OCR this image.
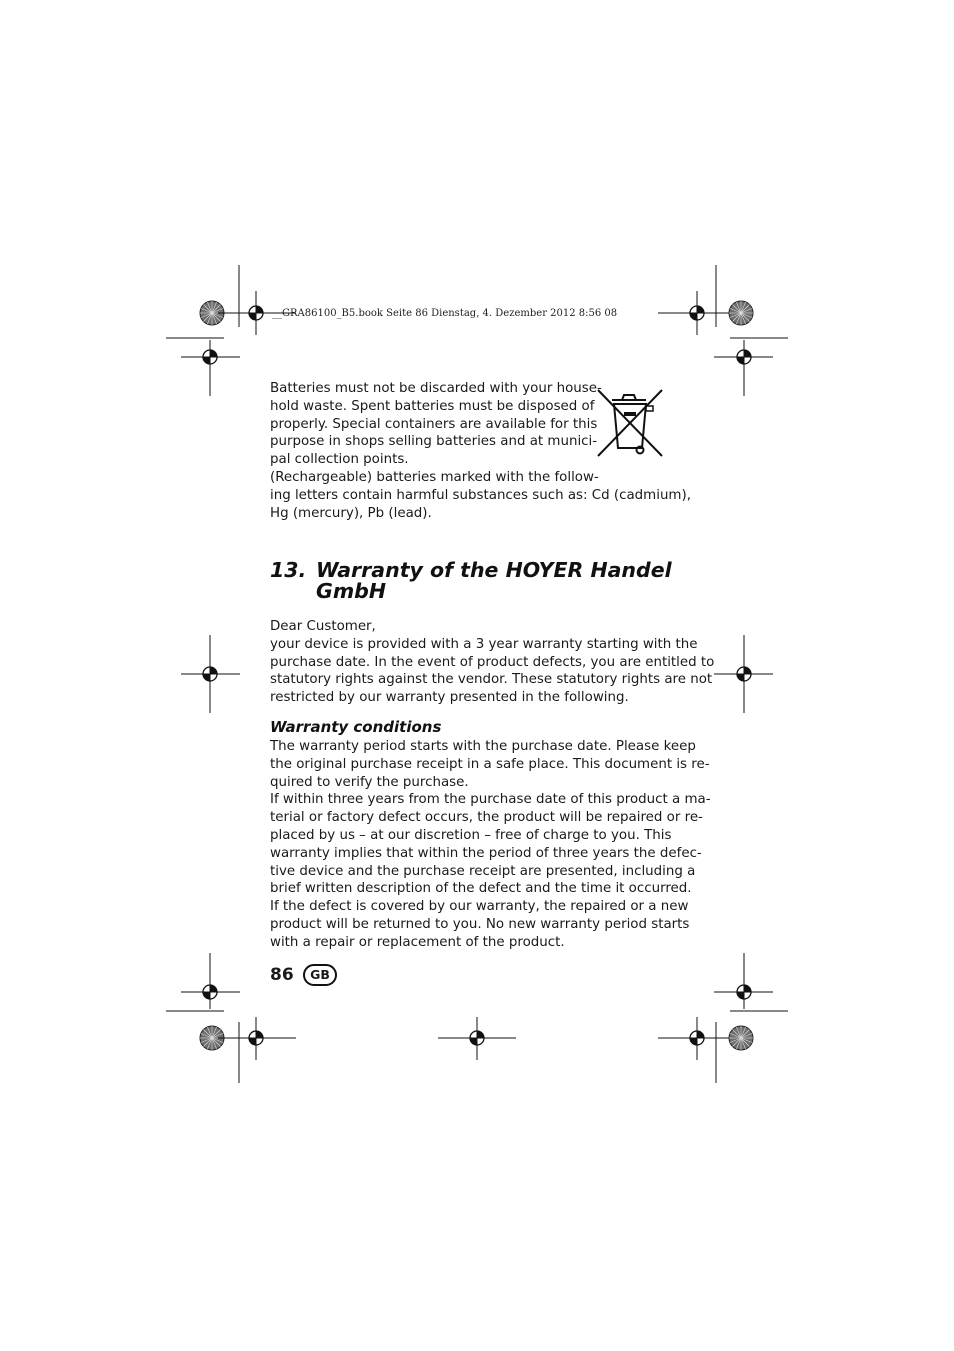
__GRA86100_B5.book Seite 86 Dienstag, 4. Dezember 2012 8:56 08

Batteries must not be discarded with your house-
hold waste. Spent batteries must be disposed of
properly. Special containers are available for this
purpose in shops selling batteries and at munici-
pal collection points.
(Rechargeable) batteries marked with the follow-
ing letters contain harmful substances such as: Cd (cadmium),
Hg (mercury), Pb (lead).

13. Warranty of the HOYER Handel
GmbH

Dear Customer,
your device is provided with a 3 year warranty starting with the
purchase date. In the event of product defects, you are entitled to
statutory rights against the vendor. These statutory rights are not
restricted by our warranty presented in the following.

Warranty conditions

The warranty period starts with the purchase date. Please keep
the original purchase receipt in a safe place. This document is re-
quired to verify the purchase.
If within three years from the purchase date of this product a ma-
terial or factory defect occurs, the product will be repaired or re-
placed by us – at our discretion – free of charge to you. This
warranty implies that within the period of three years the defec-
tive device and the purchase receipt are presented, including a
brief written description of the defect and the time it occurred.
If the defect is covered by our warranty, the repaired or a new
product will be returned to you. No new warranty period starts
with a repair or replacement of the product.

86	GB
